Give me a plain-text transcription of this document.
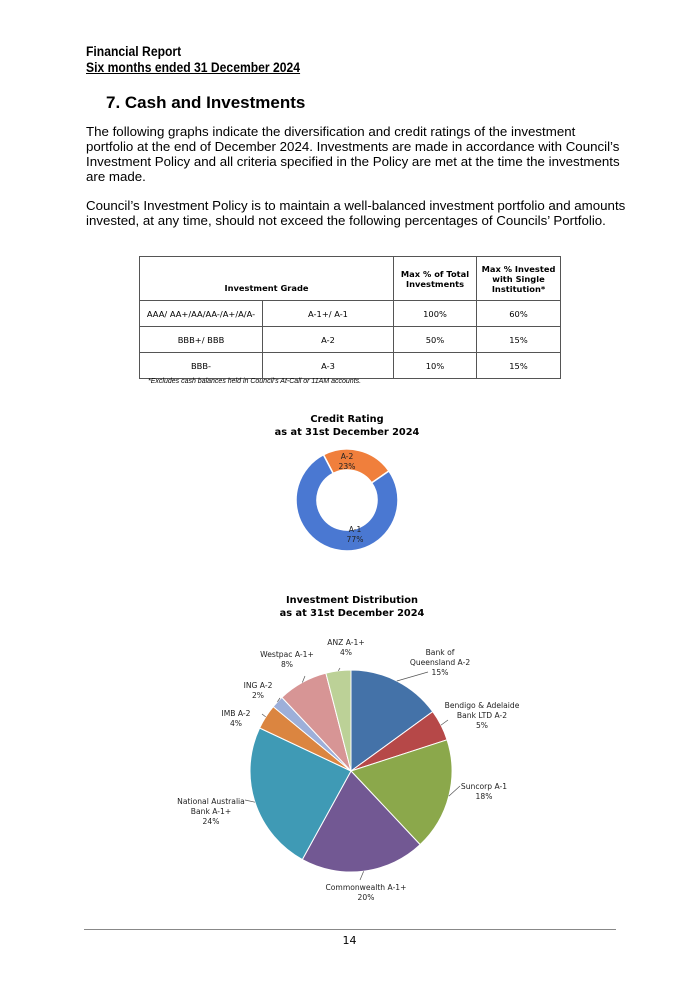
Financial Report
Six months ended 31 December 2024
7. Cash and Investments
The following graphs indicate the diversification and credit ratings of the investment portfolio at the end of December 2024. Investments are made in accordance with Council’s Investment Policy and all criteria specified in the Policy are met at the time the investments are made.
Council’s Investment Policy is to maintain a well-balanced investment portfolio and amounts invested, at any time, should not exceed the following percentages of Councils’ Portfolio.
Investment Grade		Max % of Total Investments	Max % Invested with Single Institution*
AAA/ AA+/AA/AA-/A+/A/A-	A-1+/ A-1	100%	60%
BBB+/ BBB	A-2	50%	15%
BBB-	A-3	10%	15%
*Excludes cash balances held in Council’s At-Call or 11AM accounts.
Credit Rating
as at 31st December 2024
A-2
23%
A-1
77%
Investment Distribution
as at 31st December 2024
Bank of
Queensland A-2
15%
Bendigo & Adelaide
Bank LTD A-2
5%
Suncorp A-1
18%
Commonwealth A-1+
20%
National Australia
Bank A-1+
24%
IMB A-2
4%
ING A-2
2%
Westpac A-1+
8%
ANZ A-1+
4%
14
